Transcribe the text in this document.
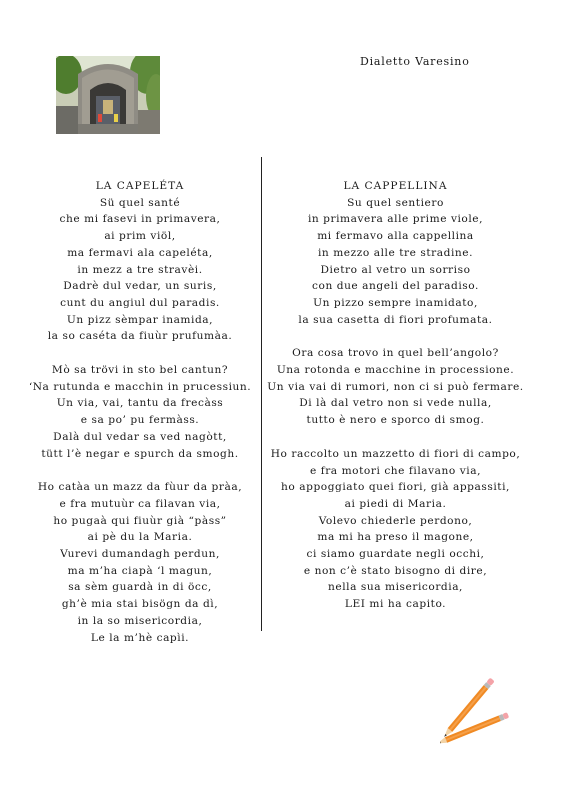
Dialetto Varesino
LA CAPELÉTA
Sü quel santé
che mi fasevi in primavera,
ai prim viöl,
ma fermavi ala capeléta,
in mezz a tre stravèi.
Dadrè dul vedar, un suris,
cunt du angiul dul paradis.
Un pizz sèmpar inamida,
la so caséta da fiuùr prufumàa.
Mò sa trövi in sto bel cantun?
‘Na rutunda e macchin in prucessiun.
Un via, vai, tantu da frecàss
e sa po’ pu fermàss.
Dalà dul vedar sa ved nagòtt,
tütt l’è negar e spurch da smogh.
Ho catàa un mazz da fùur da pràa,
e fra mutuùr ca filavan via,
ho pugaà qui fiuùr già “pàss”
ai pè du la Maria.
Vurevi dumandagh perdun,
ma m’ha ciapà ‘l magun,
sa sèm guardà in di öcc,
gh’è mia stai bisögn da dì,
in la so misericordia,
Le la m’hè capìi.
LA CAPPELLINA
Su quel sentiero
in primavera alle prime viole,
mi fermavo alla cappellina
in mezzo alle tre stradine.
Dietro al vetro un sorriso
con due angeli del paradiso.
Un pizzo sempre inamidato,
la sua casetta di fiori profumata.
Ora cosa trovo in quel bell’angolo?
Una rotonda e macchine in processione.
Un via vai di rumori, non ci si può fermare.
Di là dal vetro non si vede nulla,
tutto è nero e sporco di smog.
Ho raccolto un mazzetto di fiori di campo,
e fra motori che filavano via,
ho appoggiato quei fiori, già appassiti,
ai piedi di Maria.
Volevo chiederle perdono,
ma mi ha preso il magone,
ci siamo guardate negli occhi,
e non c’è stato bisogno di dire,
nella sua misericordia,
LEI mi ha capito.
